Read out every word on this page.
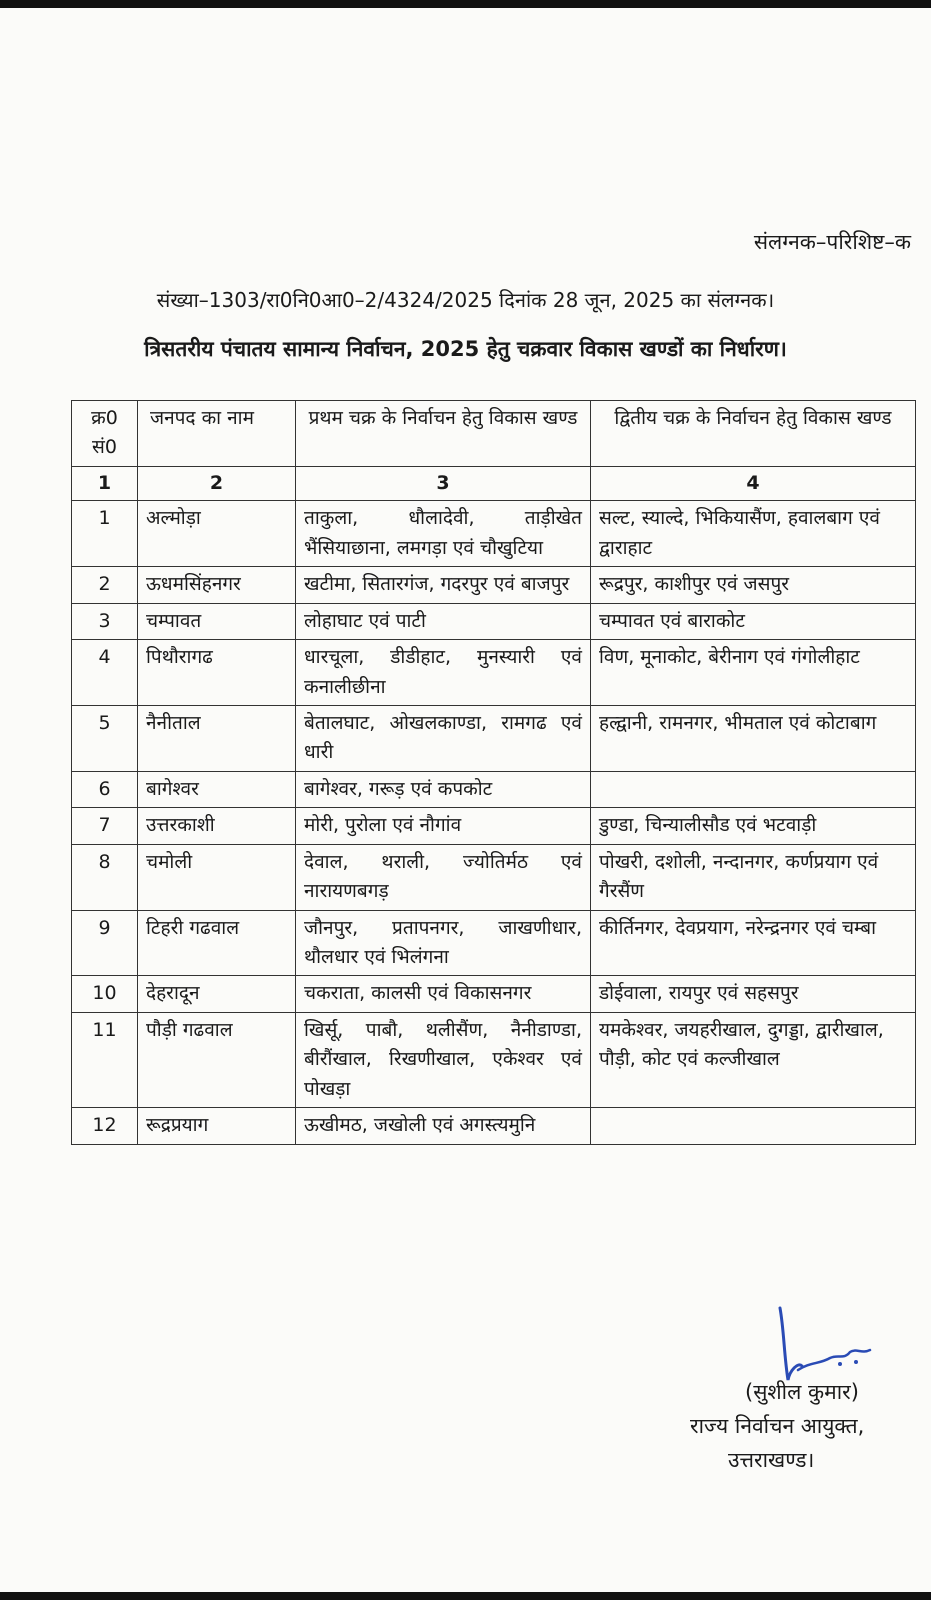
संलग्नक–परिशिष्ट–क
संख्या–1303/रा0नि0आ0–2/4324/2025 दिनांक 28 जून, 2025 का संलग्नक।
त्रिसतरीय पंचातय सामान्य निर्वाचन, 2025 हेतु चक्रवार विकास खण्डों का निर्धारण।
क्र0 सं0	जनपद का नाम	प्रथम चक्र के निर्वाचन हेतु विकास खण्ड	द्वितीय चक्र के निर्वाचन हेतु विकास खण्ड
1	2	3	4
1	अल्मोड़ा	ताकुला, धौलादेवी, ताड़ीखेत भैंसियाछाना, लमगड़ा एवं चौखुटिया	सल्ट, स्याल्दे, भिकियासैंण, हवालबाग एवं द्वाराहाट
2	ऊधमसिंहनगर	खटीमा, सितारगंज, गदरपुर एवं बाजपुर	रूद्रपुर, काशीपुर एवं जसपुर
3	चम्पावत	लोहाघाट एवं पाटी	चम्पावत एवं बाराकोट
4	पिथौरागढ	धारचूला, डीडीहाट, मुनस्यारी एवं कनालीछीना	विण, मूनाकोट, बेरीनाग एवं गंगोलीहाट
5	नैनीताल	बेतालघाट, ओखलकाण्डा, रामगढ एवं धारी	हल्द्वानी, रामनगर, भीमताल एवं कोटाबाग
6	बागेश्वर	बागेश्वर, गरूड़ एवं कपकोट	
7	उत्तरकाशी	मोरी, पुरोला एवं नौगांव	डुण्डा, चिन्यालीसौड एवं भटवाड़ी
8	चमोली	देवाल, थराली, ज्योतिर्मठ एवं नारायणबगड़	पोखरी, दशोली, नन्दानगर, कर्णप्रयाग एवं गैरसैंण
9	टिहरी गढवाल	जौनपुर, प्रतापनगर, जाखणीधार, थौलधार एवं भिलंगना	कीर्तिनगर, देवप्रयाग, नरेन्द्रनगर एवं चम्बा
10	देहरादून	चकराता, कालसी एवं विकासनगर	डोईवाला, रायपुर एवं सहसपुर
11	पौड़ी गढवाल	खिर्सू, पाबौ, थलीसैंण, नैनीडाण्डा, बीरौंखाल, रिखणीखाल, एकेश्वर एवं पोखड़ा	यमकेश्वर, जयहरीखाल, दुगड्डा, द्वारीखाल, पौड़ी, कोट एवं कल्जीखाल
12	रूद्रप्रयाग	ऊखीमठ, जखोली एवं अगस्त्यमुनि	
(सुशील कुमार)
राज्य निर्वाचन आयुक्त,
उत्तराखण्ड।
